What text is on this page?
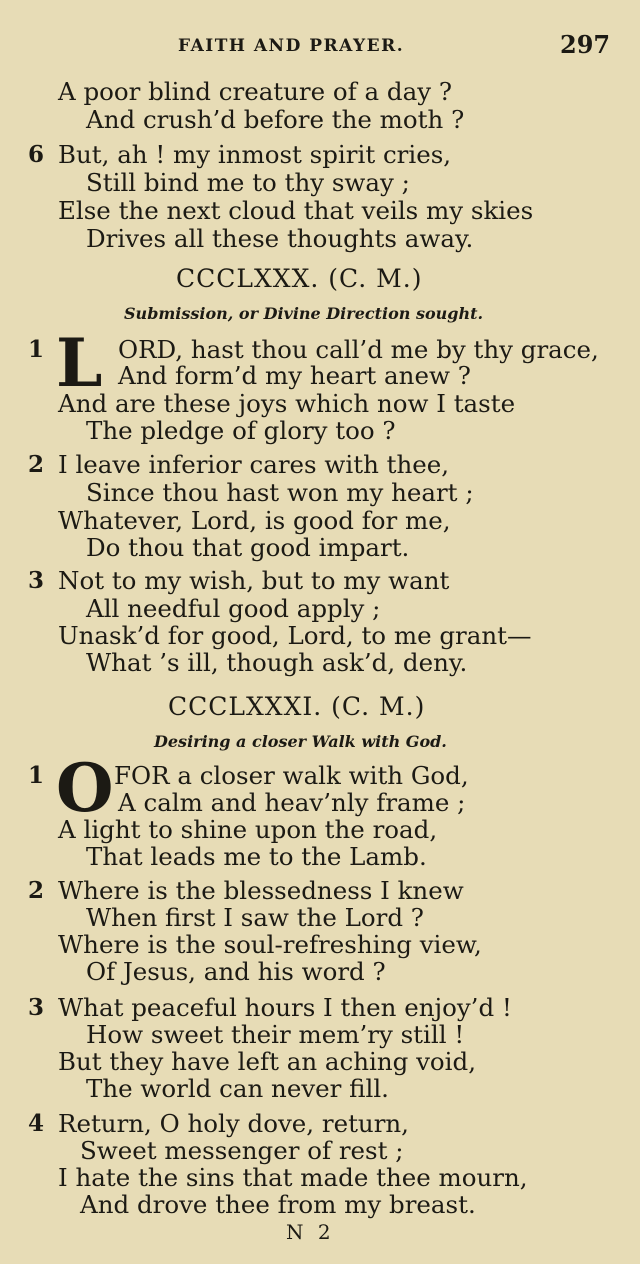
FAITH AND PRAYER.	297
A poor blind creature of a day ?
And crush’d before the moth ?
6 But, ah ! my inmost spirit cries,
Still bind me to thy sway ;
Else the next cloud that veils my skies
Drives all these thoughts away.
CCCLXXX. (C. M.)
Submission, or Divine Direction sought.
1 L ORD, hast thou call’d me by thy grace,
And form’d my heart anew ?
And are these joys which now I taste
The pledge of glory too ?
2 I leave inferior cares with thee,
Since thou hast won my heart ;
Whatever, Lord, is good for me,
Do thou that good impart.
3 Not to my wish, but to my want
All needful good apply ;
Unask’d for good, Lord, to me grant—
What ’s ill, though ask’d, deny.
CCCLXXXI. (C. M.)
Desiring a closer Walk with God.
1 O FOR a closer walk with God,
A calm and heav’nly frame ;
A light to shine upon the road,
That leads me to the Lamb.
2 Where is the blessedness I knew
When first I saw the Lord ?
Where is the soul-refreshing view,
Of Jesus, and his word ?
3 What peaceful hours I then enjoy’d !
How sweet their mem’ry still !
But they have left an aching void,
The world can never fill.
4 Return, O holy dove, return,
Sweet messenger of rest ;
I hate the sins that made thee mourn,
And drove thee from my breast.
N 2
